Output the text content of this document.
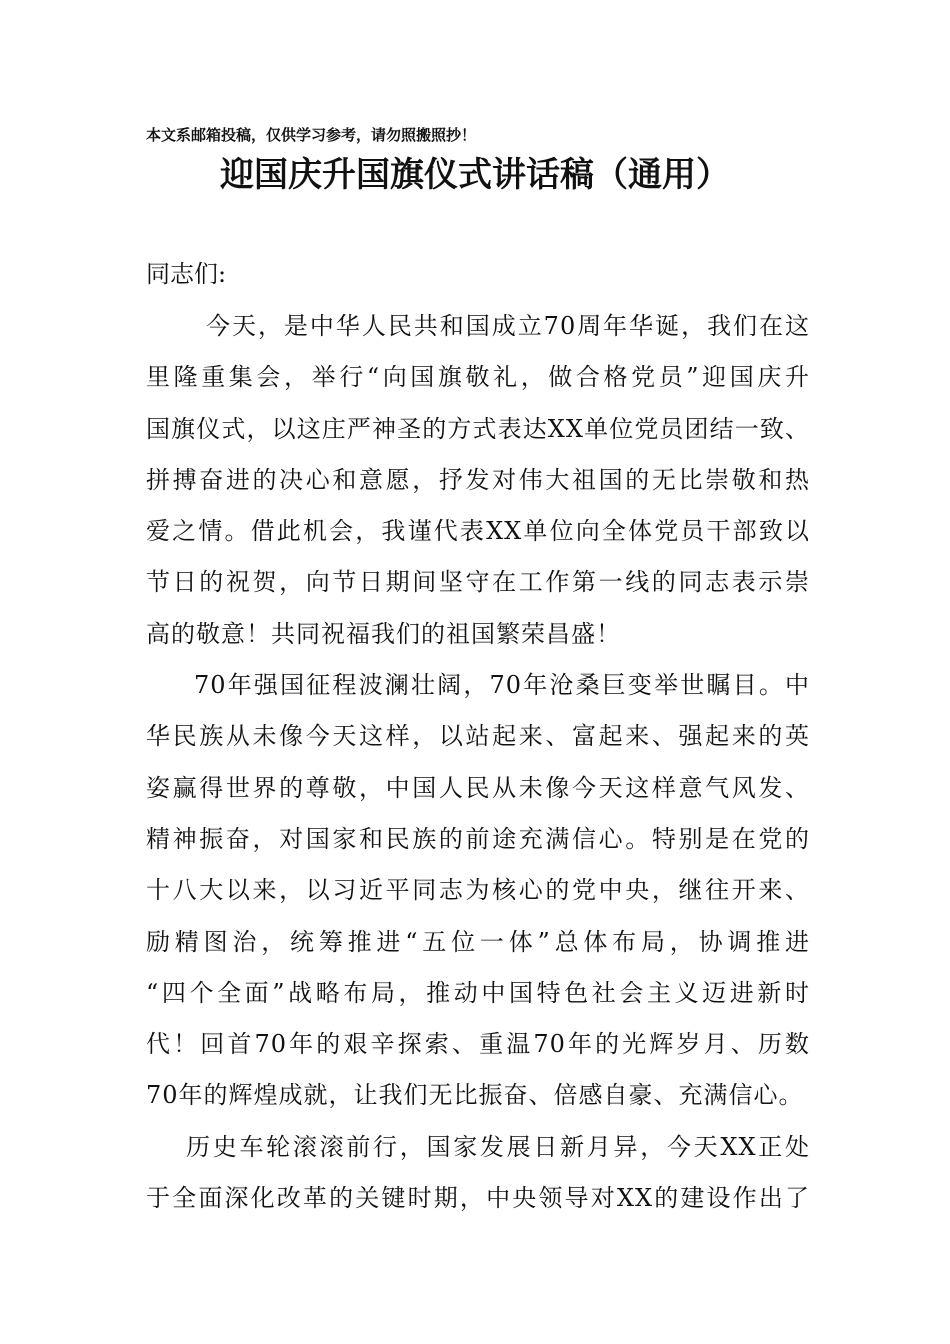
本文系邮箱投稿，仅供学习参考，请勿照搬照抄！
迎国庆升国旗仪式讲话稿（通用）
同志们:
今天，是中华人民共和国成立70周年华诞，我们在这
里隆重集会，举行“向国旗敬礼，做合格党员”迎国庆升
国旗仪式，以这庄严神圣的方式表达XX单位党员团结一致、
拼搏奋进的决心和意愿，抒发对伟大祖国的无比崇敬和热
爱之情。借此机会，我谨代表XX单位向全体党员干部致以
节日的祝贺，向节日期间坚守在工作第一线的同志表示崇
高的敬意！共同祝福我们的祖国繁荣昌盛！
70年强国征程波澜壮阔，70年沧桑巨变举世瞩目。中
华民族从未像今天这样，以站起来、富起来、强起来的英
姿赢得世界的尊敬，中国人民从未像今天这样意气风发、
精神振奋，对国家和民族的前途充满信心。特别是在党的
十八大以来，以习近平同志为核心的党中央，继往开来、
励精图治，统筹推进“五位一体”总体布局，协调推进
“四个全面”战略布局，推动中国特色社会主义迈进新时
代！回首70年的艰辛探索、重温70年的光辉岁月、历数
70年的辉煌成就，让我们无比振奋、倍感自豪、充满信心。
历史车轮滚滚前行，国家发展日新月异，今天XX正处
于全面深化改革的关键时期，中央领导对XX的建设作出了
